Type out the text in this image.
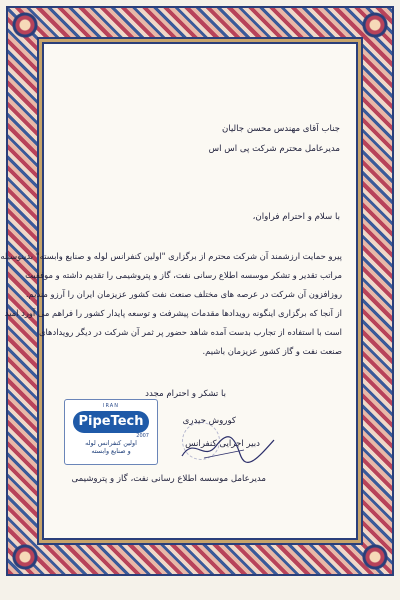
جناب آقای مهندس محسن جالیان
مدیرعامل محترم شرکت پی اس اس
با سلام و احترام فراوان،
پیرو حمایت ارزشمند آن شرکت محترم از برگزاری "اولین کنفرانس لوله و صنایع وابسته" بدینوسیله
مراتب تقدیر و تشکر موسسه اطلاع رسانی نفت، گاز و پتروشیمی را تقدیم داشته و موفقیت
روزافزون آن شرکت در عرصه های مختلف صنعت نفت کشور عزیزمان ایران را آرزو مندیم.
از آنجا که برگزاری اینگونه رویدادها مقدمات پیشرفت و توسعه پایدار کشور را فراهم می آورد امید
است با استفاده از تجارب بدست آمده شاهد حضور پر ثمر آن شرکت در دیگر رویدادهای
صنعت نفت و گاز کشور عزیزمان باشیم.
با تشکر و احترام مجدد
کوروش حیدری
دبیر اجرایی کنفرانس
مدیرعامل موسسه اطلاع رسانی نفت، گاز و پتروشیمی
IRAN
PipeTech
2007
اولین کنفرانس لوله
و صنایع وابسته
